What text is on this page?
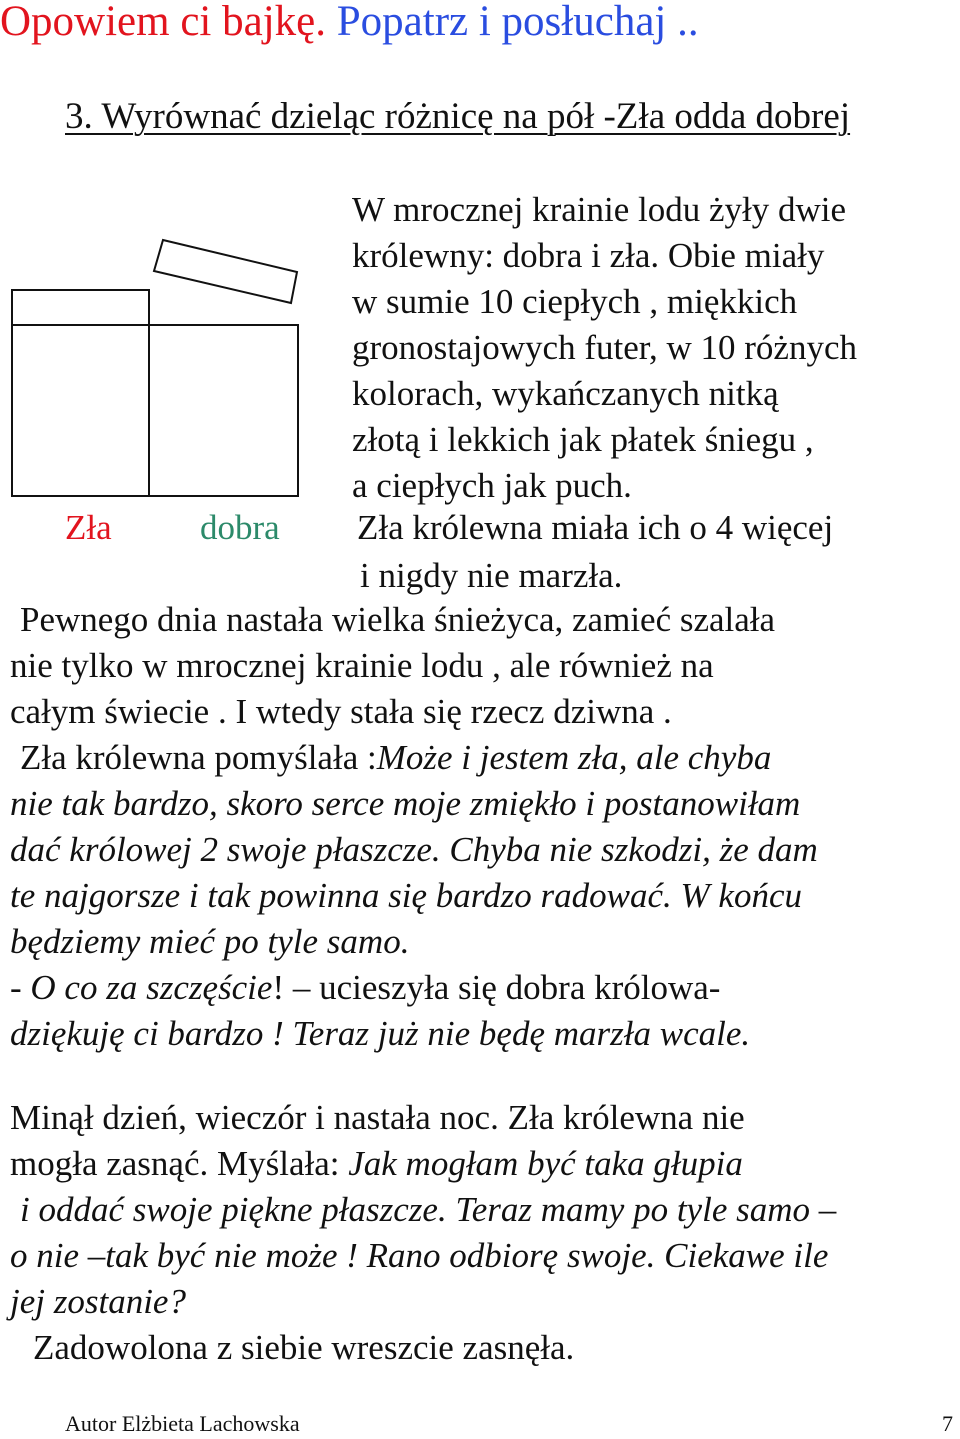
Opowiem ci bajkę. Popatrz i posłuchaj ..
3. Wyrównać dzieląc różnicę na pół -Zła odda dobrej
W mrocznej krainie lodu żyły dwie
królewny: dobra i zła. Obie miały
w sumie 10 ciepłych , miękkich
gronostajowych futer, w 10 różnych
kolorach, wykańczanych nitką
złotą i lekkich jak płatek śniegu ,
a ciepłych jak puch.
Zła	dobra Zła królewna miała ich o 4 więcej
i nigdy nie marzła.
Pewnego dnia nastała wielka śnieżyca, zamieć szalała
nie tylko w mrocznej krainie lodu , ale również na
całym świecie . I wtedy stała się rzecz dziwna .
Zła królewna pomyślała :Może i jestem zła, ale chyba
nie tak bardzo, skoro serce moje zmiękło i postanowiłam
dać królowej 2 swoje płaszcze. Chyba nie szkodzi, że dam
te najgorsze i tak powinna się bardzo radować. W końcu
będziemy mieć po tyle samo.
- O co za szczęście! – ucieszyła się dobra królowa-
dziękuję ci bardzo ! Teraz już nie będę marzła wcale.
Minął dzień, wieczór i nastała noc. Zła królewna nie
mogła zasnąć. Myślała: Jak mogłam być taka głupia
i oddać swoje piękne płaszcze. Teraz mamy po tyle samo –
o nie –tak być nie może ! Rano odbiorę swoje. Ciekawe ile
jej zostanie?
Zadowolona z siebie wreszcie zasnęła.
Autor Elżbieta Lachowska	7
